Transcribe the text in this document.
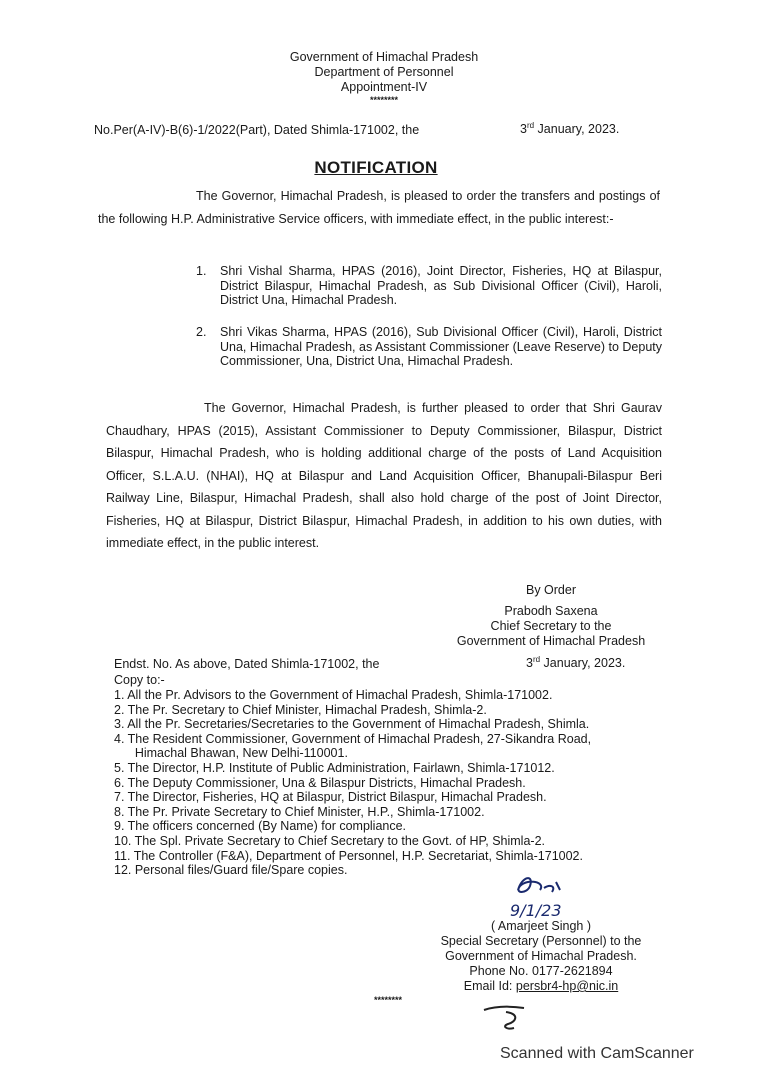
Government of Himachal Pradesh
Department of Personnel
Appointment-IV
********
No.Per(A-IV)-B(6)-1/2022(Part), Dated Shimla-171002, the	3rd January, 2023.
NOTIFICATION

The Governor, Himachal Pradesh, is pleased to order the transfers and postings of the following H.P. Administrative Service officers, with immediate effect, in the public interest:-

1. Shri Vishal Sharma, HPAS (2016), Joint Director, Fisheries, HQ at Bilaspur, District Bilaspur, Himachal Pradesh, as Sub Divisional Officer (Civil), Haroli, District Una, Himachal Pradesh.
2. Shri Vikas Sharma, HPAS (2016), Sub Divisional Officer (Civil), Haroli, District Una, Himachal Pradesh, as Assistant Commissioner (Leave Reserve) to Deputy Commissioner, Una, District Una, Himachal Pradesh.

The Governor, Himachal Pradesh, is further pleased to order that Shri Gaurav Chaudhary, HPAS (2015), Assistant Commissioner to Deputy Commissioner, Bilaspur, District Bilaspur, Himachal Pradesh, who is holding additional charge of the posts of Land Acquisition Officer, S.L.A.U. (NHAI), HQ at Bilaspur and Land Acquisition Officer, Bhanupali-Bilaspur Beri Railway Line, Bilaspur, Himachal Pradesh, shall also hold charge of the post of Joint Director, Fisheries, HQ at Bilaspur, District Bilaspur, Himachal Pradesh, in addition to his own duties, with immediate effect, in the public interest.

By Order
Prabodh Saxena
Chief Secretary to the
Government of Himachal Pradesh
Endst. No. As above, Dated Shimla-171002, the	3rd January, 2023.
Copy to:-
1. All the Pr. Advisors to the Government of Himachal Pradesh, Shimla-171002.
2. The Pr. Secretary to Chief Minister, Himachal Pradesh, Shimla-2.
3. All the Pr. Secretaries/Secretaries to the Government of Himachal Pradesh, Shimla.
4. The Resident Commissioner, Government of Himachal Pradesh, 27-Sikandra Road,
Himachal Bhawan, New Delhi-110001.
5. The Director, H.P. Institute of Public Administration, Fairlawn, Shimla-171012.
6. The Deputy Commissioner, Una & Bilaspur Districts, Himachal Pradesh.
7. The Director, Fisheries, HQ at Bilaspur, District Bilaspur, Himachal Pradesh.
8. The Pr. Private Secretary to Chief Minister, H.P., Shimla-171002.
9. The officers concerned (By Name) for compliance.
10. The Spl. Private Secretary to Chief Secretary to the Govt. of HP, Shimla-2.
11. The Controller (F&A), Department of Personnel, H.P. Secretariat, Shimla-171002.
12. Personal files/Guard file/Spare copies.
9/1/23
( Amarjeet Singh )
Special Secretary (Personnel) to the
Government of Himachal Pradesh.
Phone No. 0177-2621894
Email Id: persbr4-hp@nic.in
********
Scanned with CamScanner
